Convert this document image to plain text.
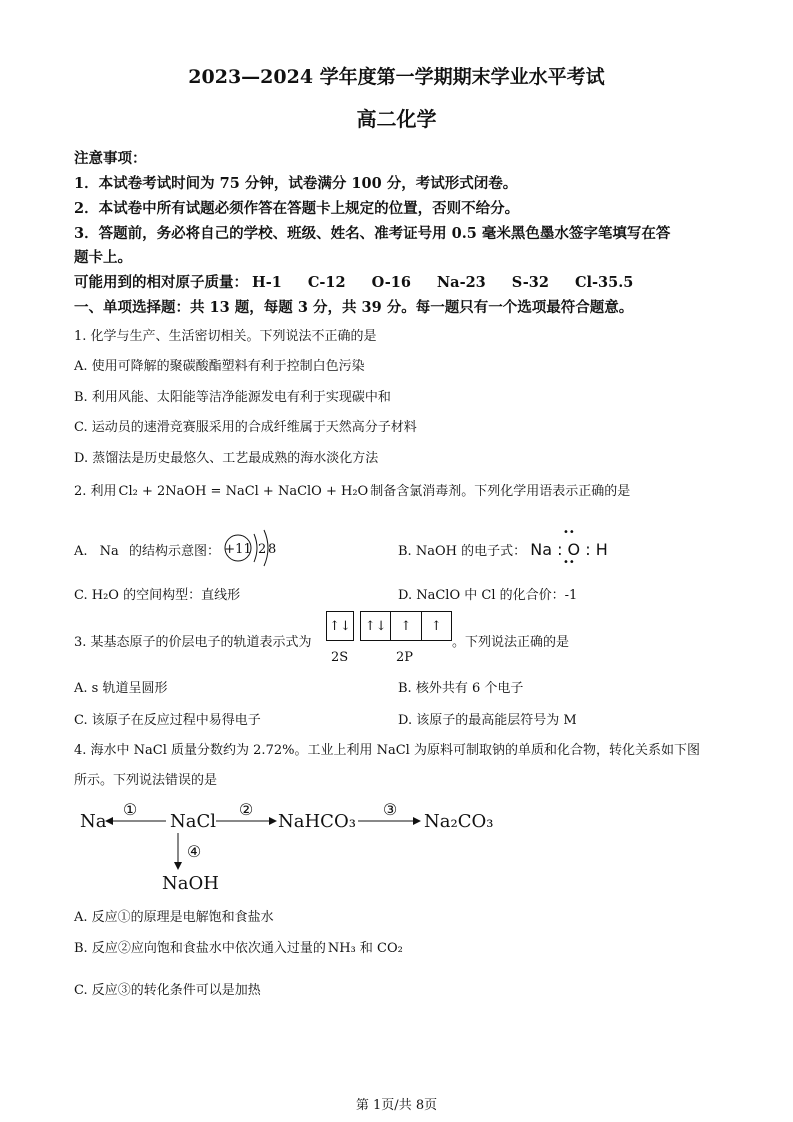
2023—2024 学年度第一学期期末学业水平考试
高二化学
注意事项：
1．本试卷考试时间为 75 分钟，试卷满分 100 分，考试形式闭卷。
2．本试卷中所有试题必须作答在答题卡上规定的位置，否则不给分。
3．答题前，务必将自己的学校、班级、姓名、准考证号用 0.5 毫米黑色墨水签字笔填写在答
题卡上。
可能用到的相对原子质量： H-1 C-12 O-16 Na-23 S-32 Cl-35.5
一、单项选择题：共 13 题，每题 3 分，共 39 分。每一题只有一个选项最符合题意。
1. 化学与生产、生活密切相关。下列说法不正确的是
A. 使用可降解的聚碳酸酯塑料有利于控制白色污染
B. 利用风能、太阳能等洁净能源发电有利于实现碳中和
C. 运动员的速滑竞赛服采用的合成纤维属于天然高分子材料
D. 蒸馏法是历史最悠久、工艺最成熟的海水淡化方法
2. 利用 Cl₂ + 2NaOH = NaCl + NaClO + H₂O 制备含氯消毒剂。下列化学用语表示正确的是
A. Na 的结构示意图： +11 2 8	B. NaOH 的电子式： Na : O : H
••
••
C. H₂O 的空间构型：直线形	D. NaClO 中 Cl 的化合价：-1
3. 某基态原子的价层电子的轨道表示式为
↑↓ ↑↓	↑	↑
。下列说法正确的是
2S	2P
A. s 轨道呈圆形	B. 核外共有 6 个电子
C. 该原子在反应过程中易得电子	D. 该原子的最高能层符号为 M
4. 海水中 NaCl 质量分数约为 2.72%。工业上利用 NaCl 为原料可制取钠的单质和化合物，转化关系如下图
所示。下列说法错误的是
Na
①
NaCl
②
NaHCO₃
③
Na₂CO₃
④
NaOH
A. 反应①的原理是电解饱和食盐水
B. 反应②应向饱和食盐水中依次通入过量的 NH₃ 和 CO₂
C. 反应③的转化条件可以是加热
第 1页/共 8页
